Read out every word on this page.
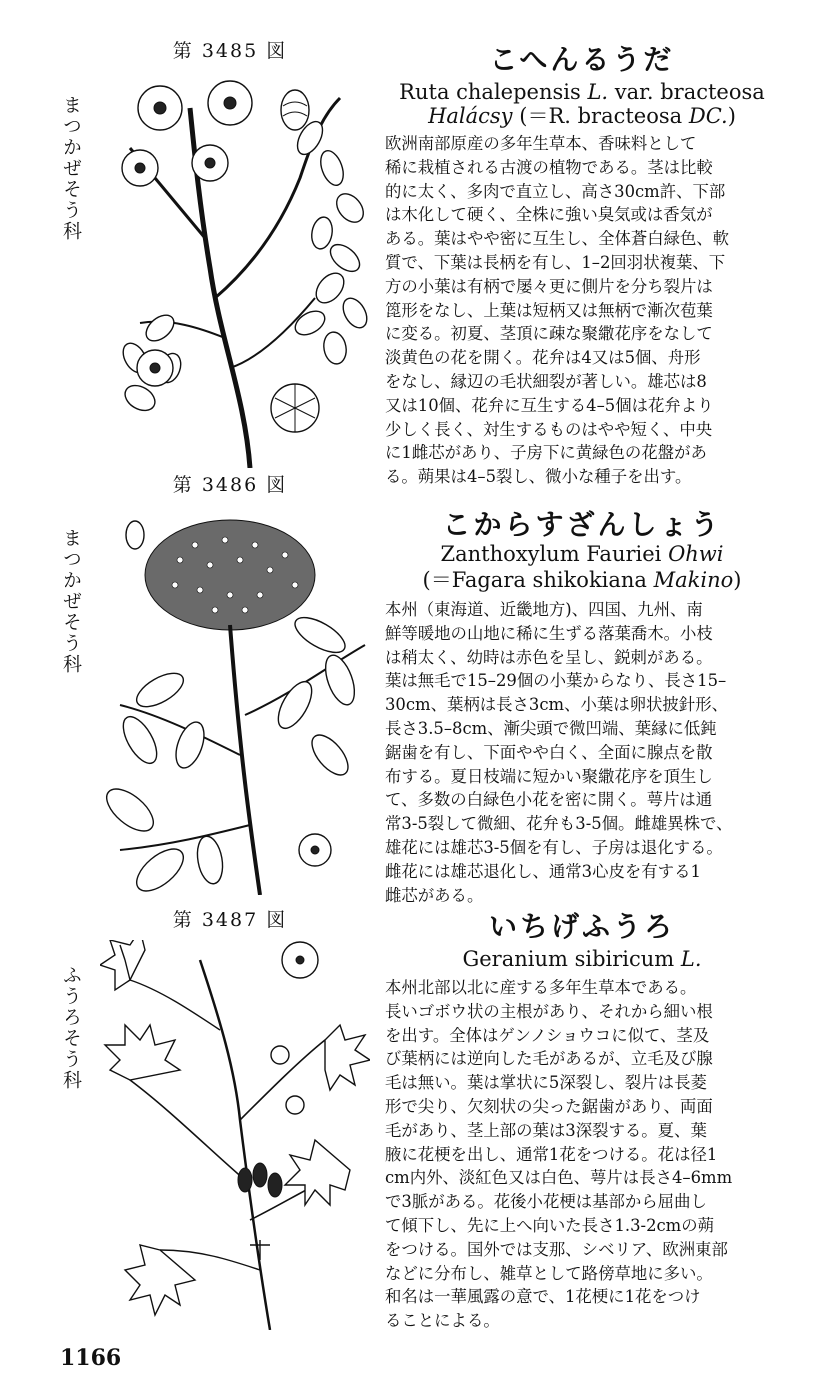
第 3485 図
まつかぜそう科
こへんるうだ
Ruta chalepensis L. var. bracteosa
Halácsy (＝R. bracteosa DC.)

欧洲南部原産の多年生草本、香味料として
稀に栽植される古渡の植物である。茎は比較
的に太く、多肉で直立し、高さ30cm許、下部
は木化して硬く、全株に強い臭気或は香気が
ある。葉はやや密に互生し、全体蒼白緑色、軟
質で、下葉は長柄を有し、1–2回羽状複葉、下
方の小葉は有柄で屡々更に側片を分ち裂片は
箆形をなし、上葉は短柄又は無柄で漸次苞葉
に変る。初夏、茎頂に疎な聚繖花序をなして
淡黄色の花を開く。花弁は4又は5個、舟形
をなし、縁辺の毛状細裂が著しい。雄芯は8
又は10個、花弁に互生する4–5個は花弁より
少しく長く、対生するものはやや短く、中央
に1雌芯があり、子房下に黄緑色の花盤があ
る。蒴果は4–5裂し、微小な種子を出す。

第 3486 図
まつかぜそう科
こからすざんしょう
Zanthoxylum Fauriei Ohwi
(＝Fagara shikokiana Makino)

本州（東海道、近畿地方)、四国、九州、南
鮮等暖地の山地に稀に生ずる落葉喬木。小枝
は稍太く、幼時は赤色を呈し、鋭刺がある。
葉は無毛で15–29個の小葉からなり、長さ15–
30cm、葉柄は長さ3cm、小葉は卵状披針形、
長さ3.5–8cm、漸尖頭で微凹端、葉縁に低鈍
鋸歯を有し、下面やや白く、全面に腺点を散
布する。夏日枝端に短かい聚繖花序を頂生し
て、多数の白緑色小花を密に開く。萼片は通
常3-5裂して微細、花弁も3-5個。雌雄異株で、
雄花には雄芯3-5個を有し、子房は退化する。
雌花には雄芯退化し、通常3心皮を有する1
雌芯がある。

第 3487 図
ふうろそう科
いちげふうろ
Geranium sibiricum L.

本州北部以北に産する多年生草本である。
長いゴボウ状の主根があり、それから細い根
を出す。全体はゲンノショウコに似て、茎及
び葉柄には逆向した毛があるが、立毛及び腺
毛は無い。葉は掌状に5深裂し、裂片は長菱
形で尖り、欠刻状の尖った鋸歯があり、両面
毛があり、茎上部の葉は3深裂する。夏、葉
腋に花梗を出し、通常1花をつける。花は径1
cm内外、淡紅色又は白色、萼片は長さ4–6mm
で3脈がある。花後小花梗は基部から屈曲し
て傾下し、先に上へ向いた長さ1.3-2cmの蒴
をつける。国外では支那、シベリア、欧洲東部
などに分布し、雑草として路傍草地に多い。
和名は一華風露の意で、1花梗に1花をつけ
ることによる。

1166
